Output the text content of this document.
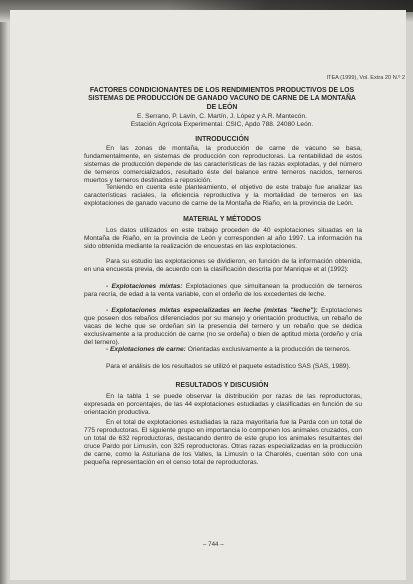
ITEA (1999), Vol. Extra 20 N.º 2
FACTORES CONDICIONANTES DE LOS RENDIMIENTOS PRODUCTIVOS DE LOS SISTEMAS DE PRODUCCIÓN DE GANADO VACUNO DE CARNE DE LA MONTAÑA DE LEÓN
E. Serrano, P. Lavín, C. Martín, J. López y A.R. Mantecón.
Estación Agrícola Experimental. CSIC, Apdo 788. 24080 León.
INTRODUCCIÓN
En las zonas de montaña, la producción de carne de vacuno se basa, fundamentalmente, en sistemas de producción con reproductoras. La rentabilidad de estos sistemas de producción depende de las características de las razas explotadas, y del número de terneros comercializados, resultado éste del balance entre terneros nacidos, terneros muertos y terneros destinados a reposición.
Teniendo en cuenta este planteamiento, el objetivo de este trabajo fue analizar las características raciales, la eficiencia reproductiva y la mortalidad de terneros en las explotaciones de ganado vacuno de carne de la Montaña de Riaño, en la provincia de León.
MATERIAL Y MÉTODOS
Los datos utilizados en este trabajo proceden de 40 explotaciones situadas en la Montaña de Riaño, en la provincia de León y corresponden al año 1997. La información ha sido obtenida mediante la realización de encuestas en las explotaciones.
Para su estudio las explotaciones se dividieron, en función de la información obtenida, en una encuesta previa, de acuerdo con la clasificación descrita por Manrique et al (1992):
- Explotaciones mixtas: Explotaciones que simultanean la producción de terneros para recría, de edad a la venta variable, con el ordeño de los excedentes de leche.
- Explotaciones mixtas especializadas en leche (mixtas "leche"): Explotaciones que poseen dos rebaños diferenciados por su manejo y orientación productiva, un rebaño de vacas de leche que se ordeñan sin la presencia del ternero y un rebaño que se dedica exclusivamente a la producción de carne (no se ordeña) o bien de aptitud mixta (ordeño y cría del ternero).
- Explotaciones de carne: Orientadas exclusivamente a la producción de terneros.
Para el análisis de los resultados se utilizó el paquete estadístico SAS (SAS, 1989).
RESULTADOS Y DISCUSIÓN
En la tabla 1 se puede observar la distribución por razas de las reproductoras, expresada en porcentajes, de las 44 explotaciones estudiadas y clasificadas en función de su orientación productiva.
En el total de explotaciones estudiadas la raza mayoritaria fue la Parda con un total de 775 reproductoras. El siguiente grupo en importancia lo componen los animales cruzados, con un total de 632 reproductoras, destacando dentro de este grupo los animales resultantes del cruce Pardo por Limusín, con 325 reproductoras. Otras razas especializadas en la producción de carne, como la Asturiana de los Valles, la Limusín o la Charolés, cuentan sólo con una pequeña representación en el censo total de reproductoras.
– 744 –
